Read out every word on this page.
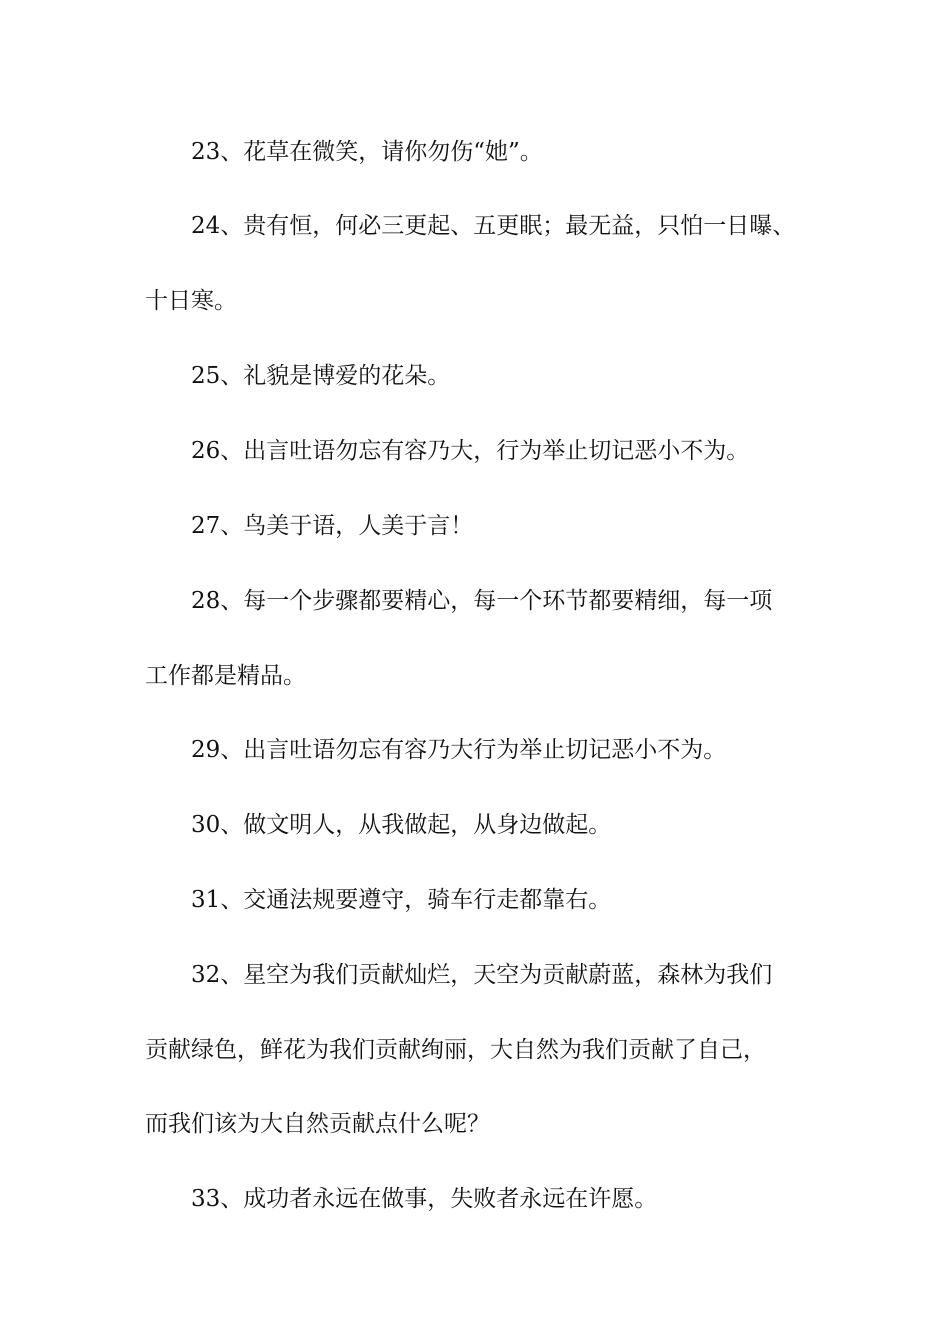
23、花草在微笑，请你勿伤“她”。
24、贵有恒，何必三更起、五更眠；最无益，只怕一日曝、
十日寒。
25、礼貌是博爱的花朵。
26、出言吐语勿忘有容乃大，行为举止切记恶小不为。
27、鸟美于语，人美于言！
28、每一个步骤都要精心，每一个环节都要精细，每一项
工作都是精品。
29、出言吐语勿忘有容乃大行为举止切记恶小不为。
30、做文明人，从我做起，从身边做起。
31、交通法规要遵守，骑车行走都靠右。
32、星空为我们贡献灿烂，天空为贡献蔚蓝，森林为我们
贡献绿色，鲜花为我们贡献绚丽，大自然为我们贡献了自己，
而我们该为大自然贡献点什么呢？
33、成功者永远在做事，失败者永远在许愿。
